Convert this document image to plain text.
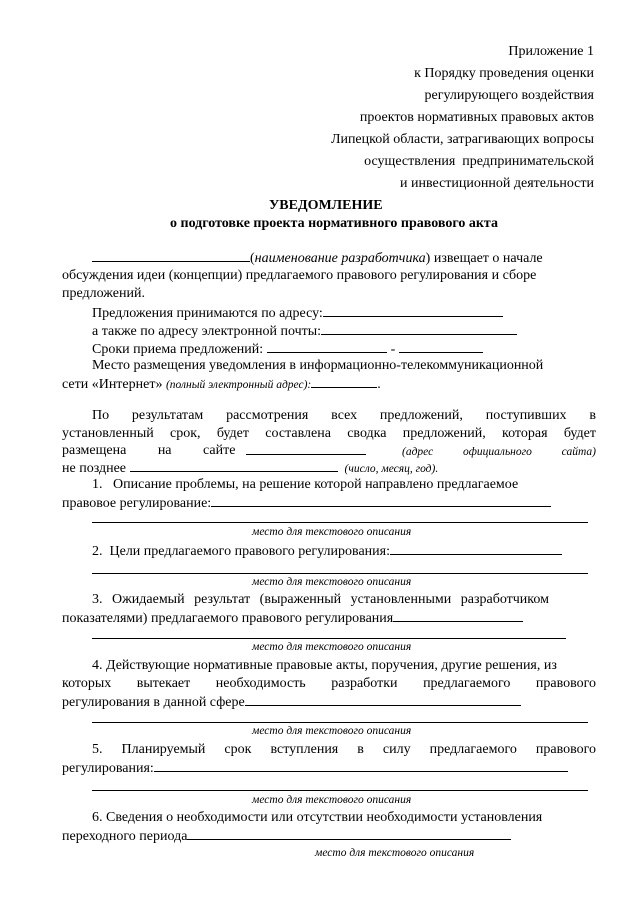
Приложение 1
к Порядку проведения оценки
регулирующего воздействия
проектов нормативных правовых актов
Липецкой области, затрагивающих вопросы
осуществления  предпринимательской
и инвестиционной деятельности
УВЕДОМЛЕНИЕ
о подготовке проекта нормативного правового акта
(наименование разработчика) извещает о начале
обсуждения идеи (концепции) предлагаемого правового регулирования и сборе
предложений.
Предложения принимаются по адресу:
а также по адресу электронной почты:
Сроки приема предложений:	-
Место размещения уведомления в информационно-телекоммуникационной
сети «Интернет» (полный электронный адрес):	.
По результатам рассмотрения всех предложений, поступивших в
установленный срок, будет составлена сводка предложений, которая будет
размещена на сайте	(адрес официального сайта)
не позднее	(число, месяц, год).
1.   Описание проблемы, на решение которой направлено предлагаемое
правовое регулирование:
место для текстового описания
2.  Цели предлагаемого правового регулирования:
место для текстового описания
3. Ожидаемый результат (выраженный установленными разработчиком
показателями) предлагаемого правового регулирования
место для текстового описания
4. Действующие нормативные правовые акты, поручения, другие решения, из
которых вытекает необходимость разработки предлагаемого правового
регулирования в данной сфере
место для текстового описания
5. Планируемый срок вступления в силу предлагаемого правового
регулирования:
место для текстового описания
6. Сведения о необходимости или отсутствии необходимости установления
переходного периода
место для текстового описания
